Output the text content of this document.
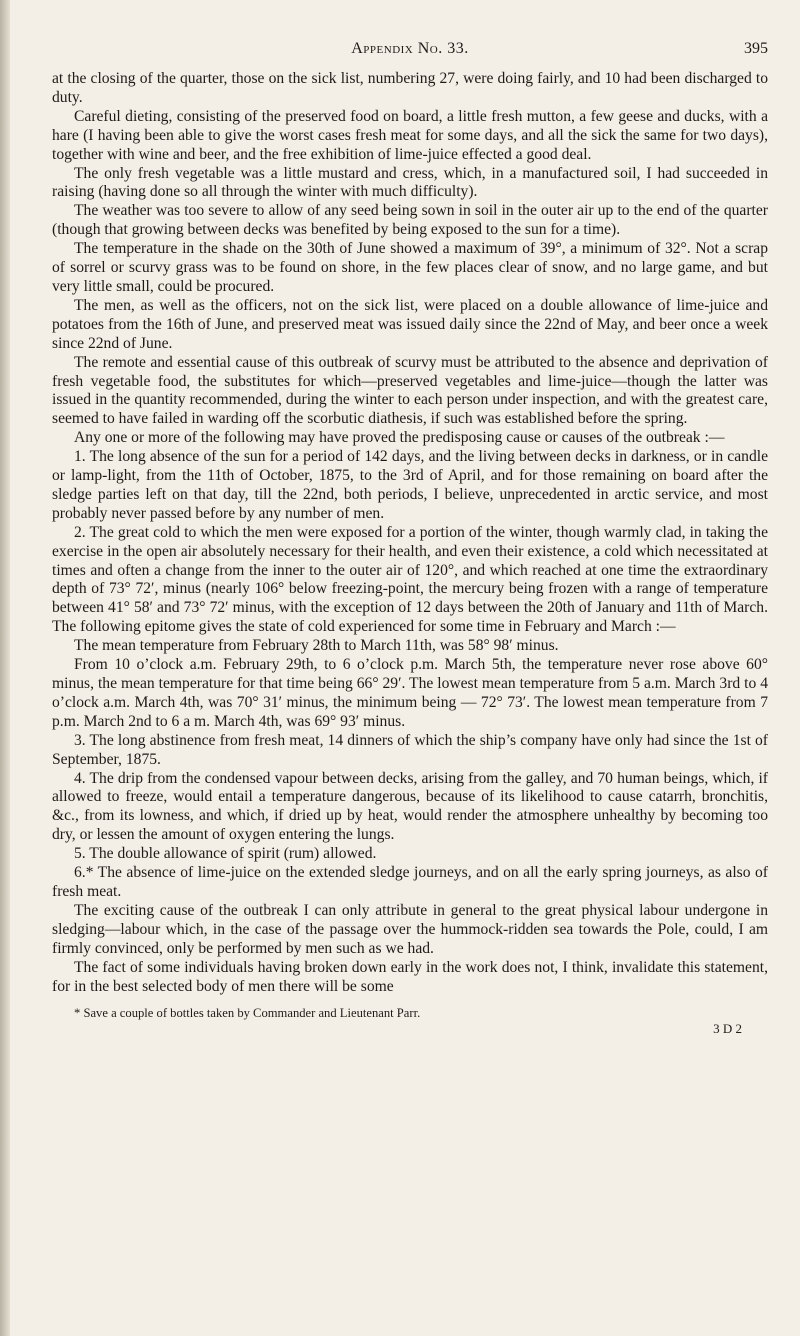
Appendix No. 33.	395

at the closing of the quarter, those on the sick list, numbering 27, were doing fairly, and 10 had been discharged to duty.

Careful dieting, consisting of the preserved food on board, a little fresh mutton, a few geese and ducks, with a hare (I having been able to give the worst cases fresh meat for some days, and all the sick the same for two days), together with wine and beer, and the free exhibition of lime-juice effected a good deal.

The only fresh vegetable was a little mustard and cress, which, in a manufactured soil, I had succeeded in raising (having done so all through the winter with much difficulty).

The weather was too severe to allow of any seed being sown in soil in the outer air up to the end of the quarter (though that growing between decks was benefited by being exposed to the sun for a time).

The temperature in the shade on the 30th of June showed a maximum of 39°, a minimum of 32°. Not a scrap of sorrel or scurvy grass was to be found on shore, in the few places clear of snow, and no large game, and but very little small, could be procured.

The men, as well as the officers, not on the sick list, were placed on a double allowance of lime-juice and potatoes from the 16th of June, and preserved meat was issued daily since the 22nd of May, and beer once a week since 22nd of June.

The remote and essential cause of this outbreak of scurvy must be attributed to the absence and deprivation of fresh vegetable food, the substitutes for which—preserved vegetables and lime-juice—though the latter was issued in the quantity recommended, during the winter to each person under inspection, and with the greatest care, seemed to have failed in warding off the scorbutic diathesis, if such was established before the spring.

Any one or more of the following may have proved the predisposing cause or causes of the outbreak :—

1. The long absence of the sun for a period of 142 days, and the living between decks in darkness, or in candle or lamp-light, from the 11th of October, 1875, to the 3rd of April, and for those remaining on board after the sledge parties left on that day, till the 22nd, both periods, I believe, unprecedented in arctic service, and most probably never passed before by any number of men.

2. The great cold to which the men were exposed for a portion of the winter, though warmly clad, in taking the exercise in the open air absolutely necessary for their health, and even their existence, a cold which necessitated at times and often a change from the inner to the outer air of 120°, and which reached at one time the extraordinary depth of 73° 72′, minus (nearly 106° below freezing-point, the mercury being frozen with a range of temperature between 41° 58′ and 73° 72′ minus, with the exception of 12 days between the 20th of January and 11th of March. The following epitome gives the state of cold experienced for some time in February and March :—

The mean temperature from February 28th to March 11th, was 58° 98′ minus.

From 10 o’clock a.m. February 29th, to 6 o’clock p.m. March 5th, the temperature never rose above 60° minus, the mean temperature for that time being 66° 29′. The lowest mean temperature from 5 a.m. March 3rd to 4 o’clock a.m. March 4th, was 70° 31′ minus, the minimum being — 72° 73′. The lowest mean temperature from 7 p.m. March 2nd to 6 a m. March 4th, was 69° 93′ minus.

3. The long abstinence from fresh meat, 14 dinners of which the ship’s company have only had since the 1st of September, 1875.

4. The drip from the condensed vapour between decks, arising from the galley, and 70 human beings, which, if allowed to freeze, would entail a temperature dangerous, because of its likelihood to cause catarrh, bronchitis, &c., from its lowness, and which, if dried up by heat, would render the atmosphere unhealthy by becoming too dry, or lessen the amount of oxygen entering the lungs.

5. The double allowance of spirit (rum) allowed.

6.* The absence of lime-juice on the extended sledge journeys, and on all the early spring journeys, as also of fresh meat.

The exciting cause of the outbreak I can only attribute in general to the great physical labour undergone in sledging—labour which, in the case of the passage over the hummock-ridden sea towards the Pole, could, I am firmly convinced, only be performed by men such as we had.

The fact of some individuals having broken down early in the work does not, I think, invalidate this statement, for in the best selected body of men there will be some

* Save a couple of bottles taken by Commander and Lieutenant Parr.
3 D 2
